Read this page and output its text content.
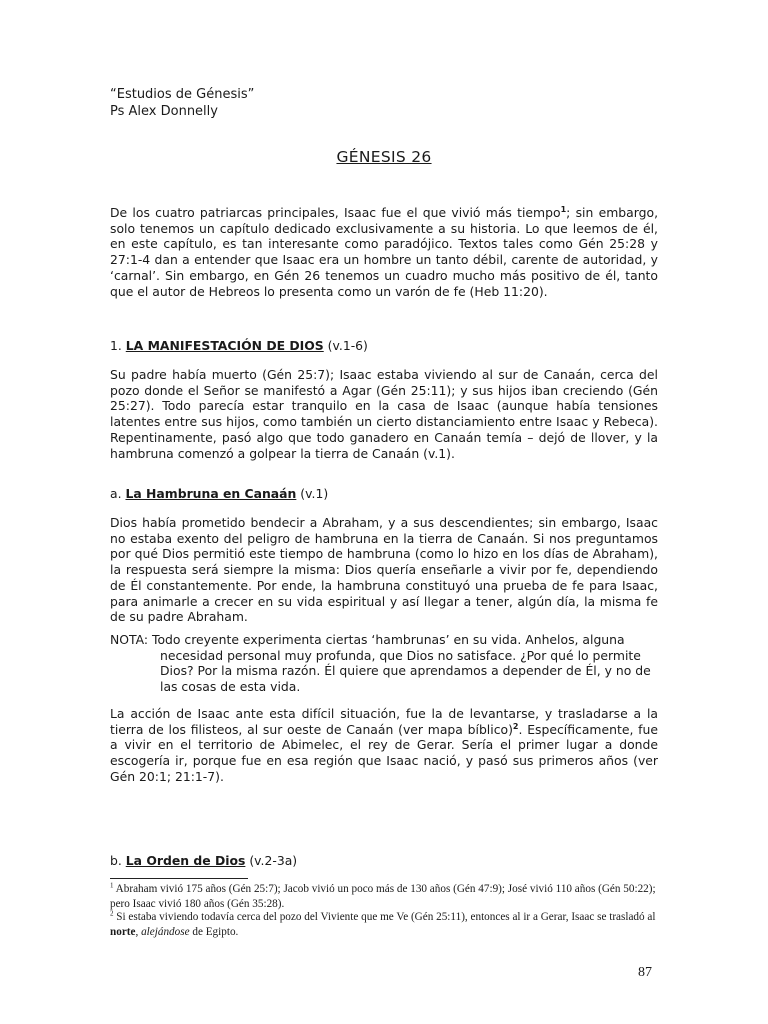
“Estudios de Génesis”
Ps Alex Donnelly
GÉNESIS 26
De los cuatro patriarcas principales, Isaac fue el que vivió más tiempo$^1$; sin embargo, solo tenemos un capítulo dedicado exclusivamente a su historia. Lo que leemos de él, en este capítulo, es tan interesante como paradójico. Textos tales como Gén 25:28 y 27:1-4 dan a entender que Isaac era un hombre un tanto débil, carente de autoridad, y ‘carnal’. Sin embargo, en Gén 26 tenemos un cuadro mucho más positivo de él, tanto que el autor de Hebreos lo presenta como un varón de fe (Heb 11:20).
1. LA MANIFESTACIÓN DE DIOS (v.1-6)
Su padre había muerto (Gén 25:7); Isaac estaba viviendo al sur de Canaán, cerca del pozo donde el Señor se manifestó a Agar (Gén 25:11); y sus hijos iban creciendo (Gén 25:27). Todo parecía estar tranquilo en la casa de Isaac (aunque había tensiones latentes entre sus hijos, como también un cierto distanciamiento entre Isaac y Rebeca). Repentinamente, pasó algo que todo ganadero en Canaán temía – dejó de llover, y la hambruna comenzó a golpear la tierra de Canaán (v.1).
a. La Hambruna en Canaán (v.1)
Dios había prometido bendecir a Abraham, y a sus descendientes; sin embargo, Isaac no estaba exento del peligro de hambruna en la tierra de Canaán. Si nos preguntamos por qué Dios permitió este tiempo de hambruna (como lo hizo en los días de Abraham), la respuesta será siempre la misma: Dios quería enseñarle a vivir por fe, dependiendo de Él constantemente. Por ende, la hambruna constituyó una prueba de fe para Isaac, para animarle a crecer en su vida espiritual y así llegar a tener, algún día, la misma fe de su padre Abraham.
NOTA: Todo creyente experimenta ciertas ‘hambrunas’ en su vida. Anhelos, alguna
necesidad personal muy profunda, que Dios no satisface. ¿Por qué lo permite Dios? Por la misma razón. Él quiere que aprendamos a depender de Él, y no de las cosas de esta vida.
La acción de Isaac ante esta difícil situación, fue la de levantarse, y trasladarse a la tierra de los filisteos, al sur oeste de Canaán (ver mapa bíblico)$^2$. Específicamente, fue a vivir en el territorio de Abimelec, el rey de Gerar. Sería el primer lugar a donde escogería ir, porque fue en esa región que Isaac nació, y pasó sus primeros años (ver Gén 20:1; 21:1-7).
b. La Orden de Dios (v.2-3a)
$^1$ Abraham vivió 175 años (Gén 25:7); Jacob vivió un poco más de 130 años (Gén 47:9); José vivió 110 años (Gén 50:22); pero Isaac vivió 180 años (Gén 35:28).
$^2$ Si estaba viviendo todavía cerca del pozo del Viviente que me Ve (Gén 25:11), entonces al ir a Gerar, Isaac se trasladó al norte, alejándose de Egipto.
87
